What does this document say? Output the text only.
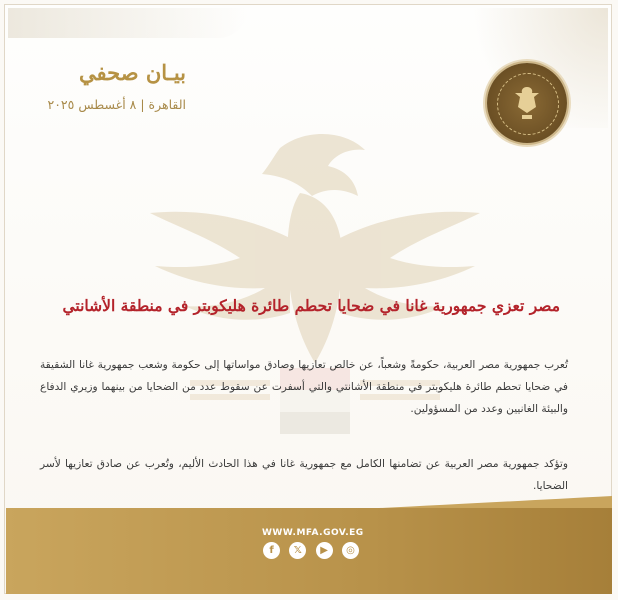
بيـان صحفي
القاهرة | ٨ أغسطس ٢٠٢٥
مصر تعزي جمهورية غانا في ضحايا تحطم طائرة هليكوبتر في منطقة الأشانتي

تُعرب جمهورية مصر العربية، حكومةً وشعباً، عن خالص تعازيها وصادق مواساتها إلى حكومة وشعب جمهورية غانا الشقيقة في ضحايا تحطم طائرة هليكوبتر في منطقة الأشانتي والتي أسفرت عن سقوط عدد من الضحايا من بينهما وزيري الدفاع والبيئة الغانيين وعدد من المسؤولين.

وتؤكد جمهورية مصر العربية عن تضامنها الكامل مع جمهورية غانا في هذا الحادث الأليم، وتُعرب عن صادق تعازيها لأسر الضحايا.

WWW.MFA.GOV.EG
f	𝕏	▶	◎
